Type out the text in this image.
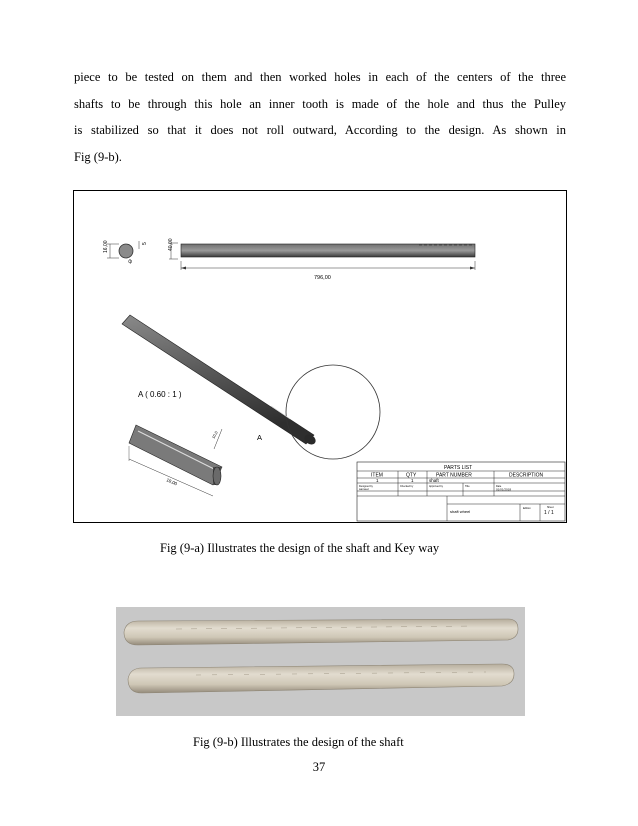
piece to be tested on them and then worked holes in each of the centers of the three
shafts to be through this hole an inner tooth is made of the hole and thus the Pulley
is stabilized so that it does not roll outward, According to the design. As shown in
Fig (9-b).
16,00	5
Ø
40,00
796,00
A
A ( 0.60 : 1 )
10,0
18,00
PARTS LIST
ITEM	QTY	PART NUMBER	DESCRIPTION
1	1	shaft
Designed by
sameer
Checked by	Approved by	Title	Date
01/01/2018
shaft wheel
Edition	Sheet
1 / 1
Fig (9-a) Illustrates the design of the shaft and Key way
Fig (9-b) Illustrates the design of the shaft
37
